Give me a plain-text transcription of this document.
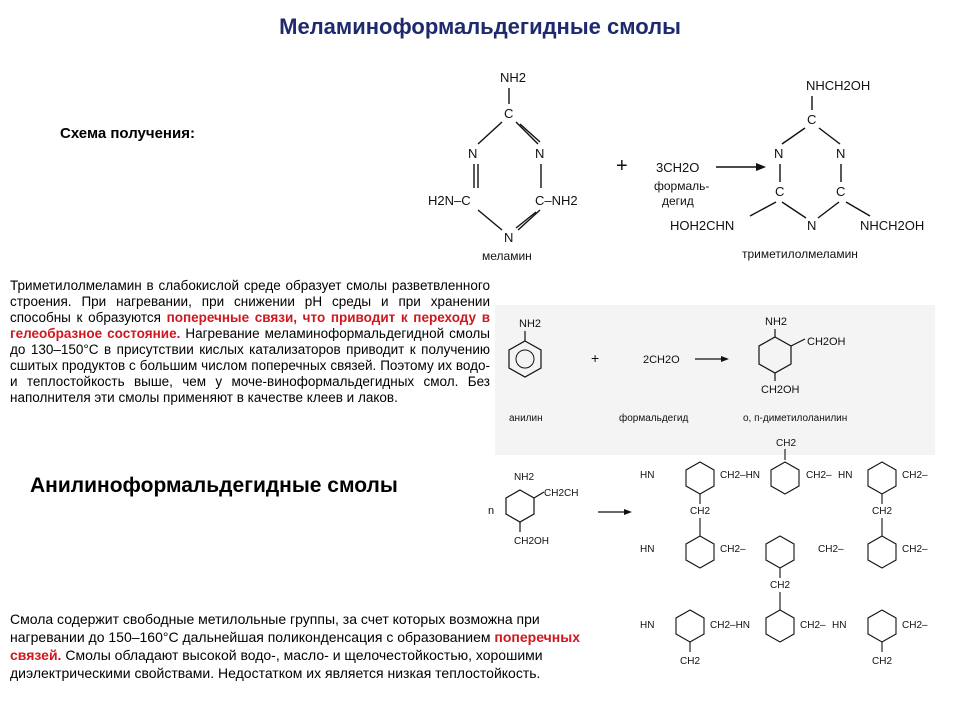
Меламиноформальдегидные смолы
Схема получения:
NH2
C
N	N
H2N–C	C–NH2
N
меламин
+ 3CH2O
формаль-
дегид
NHCH2OH
C
N	N
C	C
N
HOH2CHN	NHCH2OH
триметилолмеламин
Триметилолмеламин в слабокислой среде образует смолы разветвленного строения. При нагревании, при снижении pH среды и при хранении способны к образуются поперечные связи, что приводит к переходу в гелеобразное состояние. Нагревание меламиноформальдегидной смолы до 130–150°С в присутствии кислых катализаторов приводит к получению сшитых продуктов с большим числом поперечных связей. Поэтому их водо- и теплостойкость выше, чем у моче-виноформальдегидных смол. Без наполнителя эти смолы применяют в качестве клеев и лаков.
NH2
+	2CH2O
NH2
CH2OH
CH2OH
анилин	формальдегид	о, п-диметилоланилин
Анилиноформальдегидные смолы
n
NH2
CH2CH
CH2OH
CH2
HN	CH2–HN	CH2– HN	CH2–
CH2	CH2
HN	CH2–	CH2–	CH2–
CH2
HN	CH2–HN	CH2– HN	CH2–
CH2	CH2
Смола содержит свободные метилольные группы, за счет которых возможна при нагревании до 150–160°С дальнейшая поликонденсация с образованием поперечных связей. Смолы обладают высокой водо-, масло- и щелочестойкостью, хорошими диэлектрическими свойствами. Недостатком их является низкая теплостойкость.
